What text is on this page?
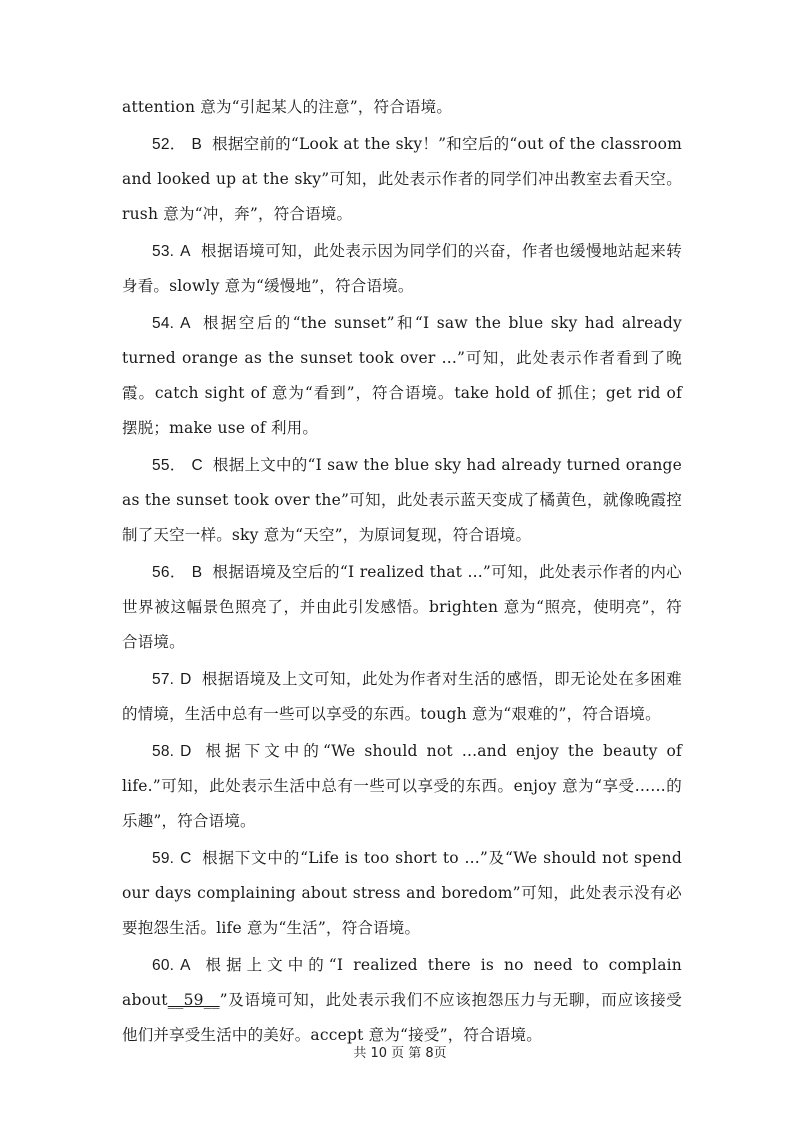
attention 意为“引起某人的注意”，符合语境。

52． B 根据空前的“Look at the sky！”和空后的“out of the classroom and looked up at the sky”可知，此处表示作者的同学们冲出教室去看天空。rush 意为“冲，奔”，符合语境。

53. A 根据语境可知，此处表示因为同学们的兴奋，作者也缓慢地站起来转身看。slowly 意为“缓慢地”，符合语境。

54. A 根据空后的“the sunset”和“I saw the blue sky had already turned orange as the sunset took over ...”可知，此处表示作者看到了晚霞。catch sight of 意为“看到”，符合语境。take hold of 抓住；get rid of 摆脱；make use of 利用。

55． C 根据上文中的“I saw the blue sky had already turned orange as the sunset took over the”可知，此处表示蓝天变成了橘黄色，就像晚霞控制了天空一样。sky 意为“天空”，为原词复现，符合语境。

56． B 根据语境及空后的“I realized that ...”可知，此处表示作者的内心世界被这幅景色照亮了，并由此引发感悟。brighten 意为“照亮，使明亮”，符合语境。

57. D 根据语境及上文可知，此处为作者对生活的感悟，即无论处在多困难的情境，生活中总有一些可以享受的东西。tough 意为“艰难的”，符合语境。

58. D 根据下文中的“We should not ...and enjoy the beauty of life.”可知，此处表示生活中总有一些可以享受的东西。enjoy 意为“享受……的乐趣”，符合语境。

59. C 根据下文中的“Life is too short to ...”及“We should not spend our days complaining about stress and boredom”可知，此处表示没有必要抱怨生活。life 意为“生活”，符合语境。

60. A 根据上文中的“I realized there is no need to complain about__59__”及语境可知，此处表示我们不应该抱怨压力与无聊，而应该接受他们并享受生活中的美好。accept 意为“接受”，符合语境。

共 10 页 第 8页
